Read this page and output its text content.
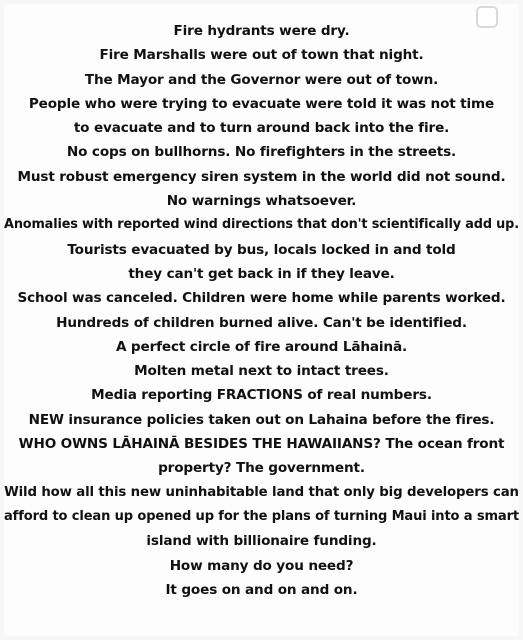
Fire hydrants were dry.
Fire Marshalls were out of town that night.
The Mayor and the Governor were out of town.
People who were trying to evacuate were told it was not time
to evacuate and to turn around back into the fire.
No cops on bullhorns. No firefighters in the streets.
Must robust emergency siren system in the world did not sound.
No warnings whatsoever.
Anomalies with reported wind directions that don't scientifically add up.
Tourists evacuated by bus, locals locked in and told
they can't get back in if they leave.
School was canceled. Children were home while parents worked.
Hundreds of children burned alive. Can't be identified.
A perfect circle of fire around Lāhainā.
Molten metal next to intact trees.
Media reporting FRACTIONS of real numbers.
NEW insurance policies taken out on Lahaina before the fires.
WHO OWNS LĀHAINĀ BESIDES THE HAWAIIANS? The ocean front
property? The government.
Wild how all this new uninhabitable land that only big developers can
afford to clean up opened up for the plans of turning Maui into a smart
island with billionaire funding.
How many do you need?
It goes on and on and on.
